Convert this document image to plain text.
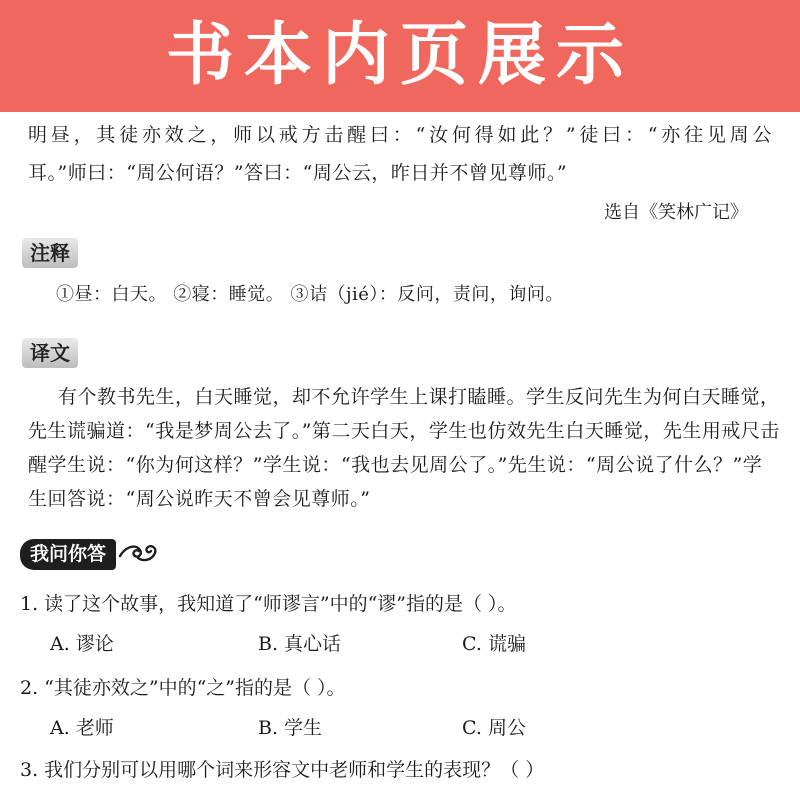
书本内页展示
明昼，其徒亦效之，师以戒方击醒曰：“汝何得如此？”徒曰：“亦往见周公
耳。”师曰：“周公何语？”答曰：“周公云，昨日并不曾见尊师。”
选自《笑林广记》
注释
①昼：白天。 ②寝：睡觉。 ③诘（jié）：反问，责问，询问。
译文
有个教书先生，白天睡觉，却不允许学生上课打瞌睡。学生反问先生为何白天睡觉，
先生谎骗道：“我是梦周公去了。”第二天白天，学生也仿效先生白天睡觉，先生用戒尺击
醒学生说：“你为何这样？”学生说：“我也去见周公了。”先生说：“周公说了什么？”学
生回答说：“周公说昨天不曾会见尊师。”
我问你答
1. 读了这个故事，我知道了“师谬言”中的“谬”指的是（ ）。
A. 谬论	B. 真心话	C. 谎骗
2. “其徒亦效之”中的“之”指的是（ ）。
A. 老师	B. 学生	C. 周公
3. 我们分别可以用哪个词来形容文中老师和学生的表现？（ ）
